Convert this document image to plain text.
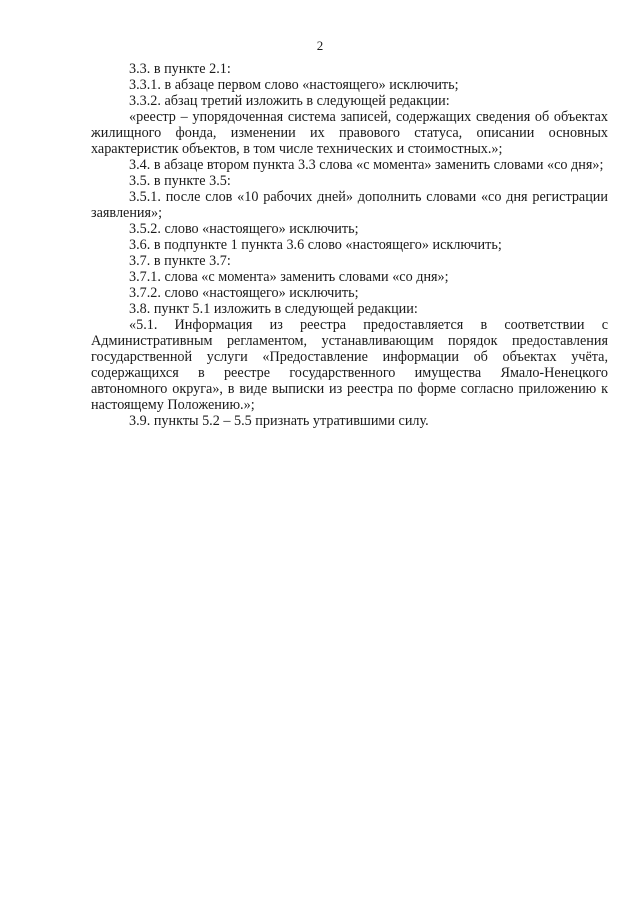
2

3.3. в пункте 2.1:

3.3.1. в абзаце первом слово «настоящего» исключить;

3.3.2. абзац третий изложить в следующей редакции:

«реестр – упорядоченная система записей, содержащих сведения об объектах жилищного фонда, изменении их правового статуса, описании основных характеристик объектов, в том числе технических и стоимостных.»;

3.4. в абзаце втором пункта 3.3 слова «с момента» заменить словами «со дня»;

3.5. в пункте 3.5:

3.5.1. после слов «10 рабочих дней» дополнить словами «со дня регистрации заявления»;

3.5.2. слово «настоящего» исключить;

3.6. в подпункте 1 пункта 3.6 слово «настоящего» исключить;

3.7. в пункте 3.7:

3.7.1. слова «с момента» заменить словами «со дня»;

3.7.2. слово «настоящего» исключить;

3.8. пункт 5.1 изложить в следующей редакции:

«5.1. Информация из реестра предоставляется в соответствии с Административным регламентом, устанавливающим порядок предоставления государственной услуги «Предоставление информации об объектах учёта, содержащихся в реестре государственного имущества Ямало-Ненецкого автономного округа», в виде выписки из реестра по форме согласно приложению к настоящему Положению.»;

3.9. пункты 5.2 – 5.5 признать утратившими силу.
